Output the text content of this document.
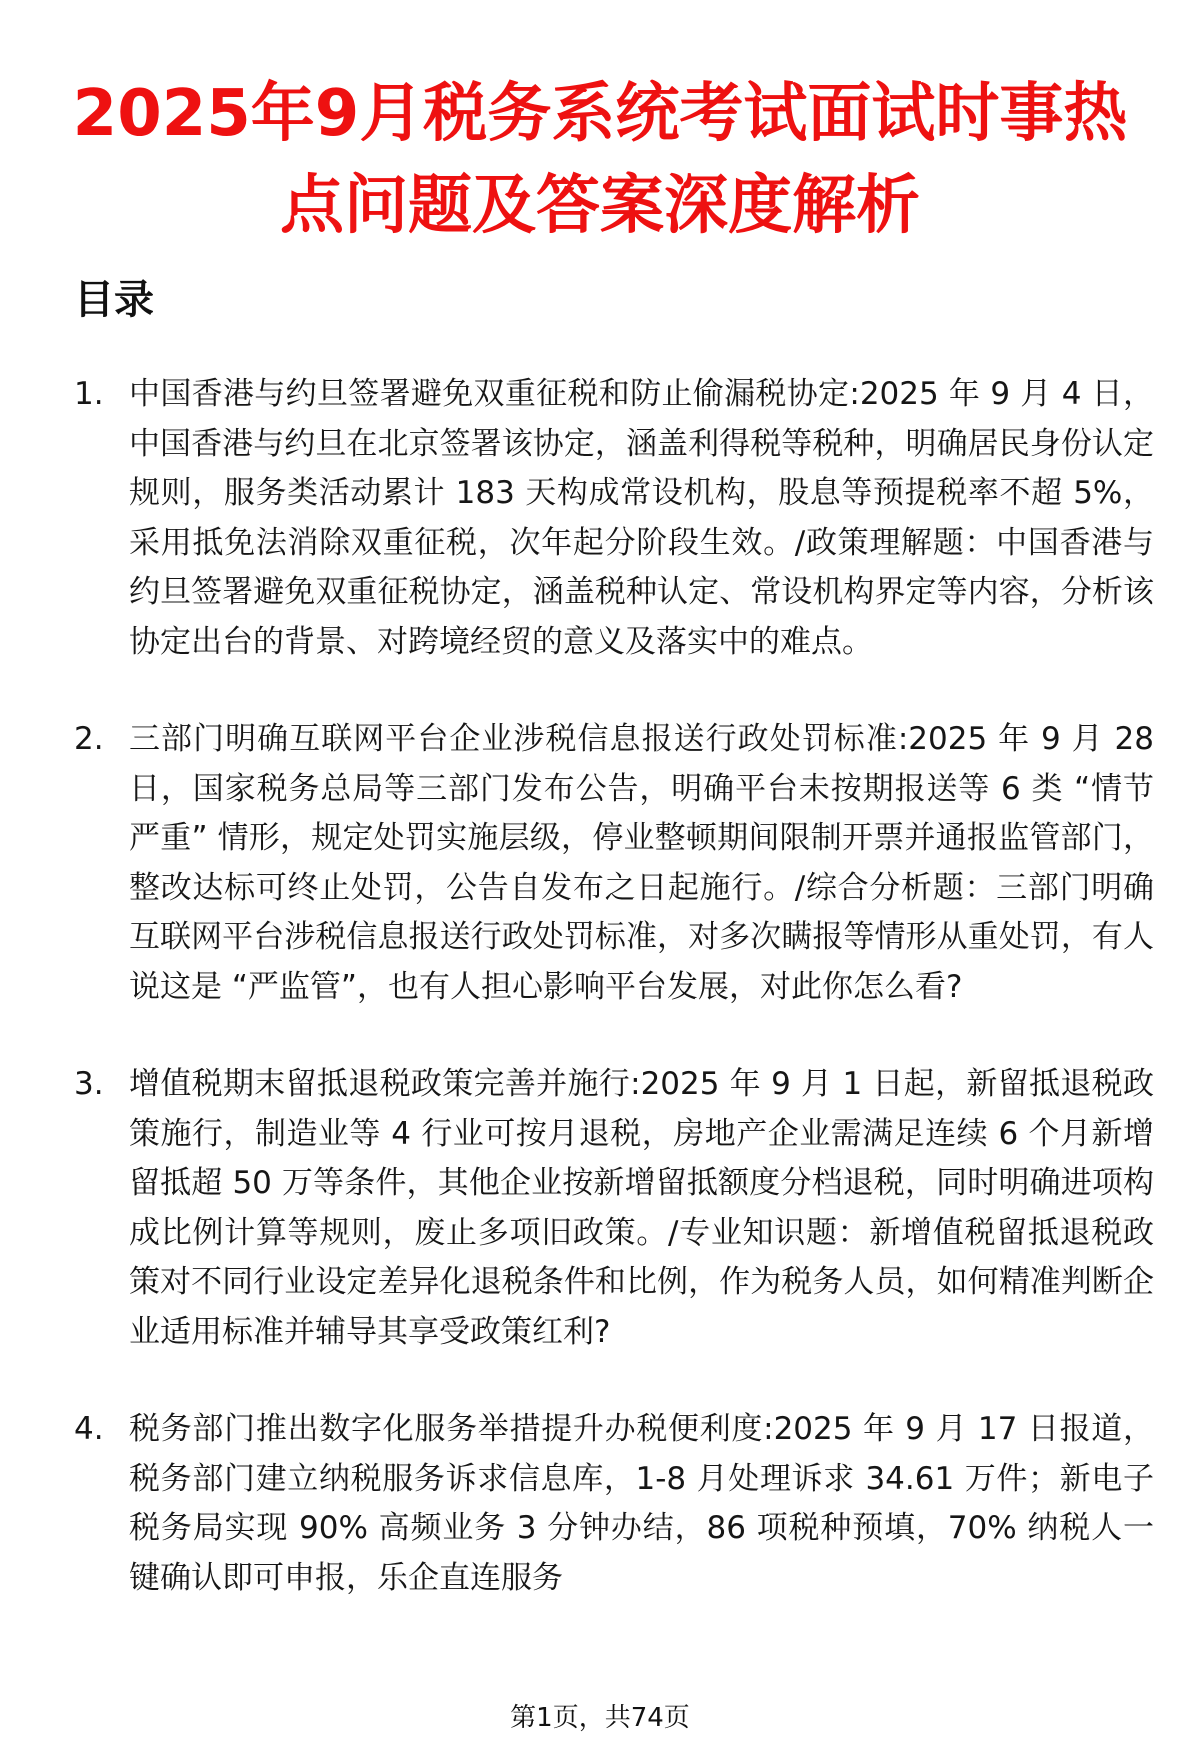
2025年9月税务系统考试面试时事热点问题及答案深度解析
目录
1. 中国香港与约旦签署避免双重征税和防止偷漏税协定:2025 年 9 月 4 日，中国香港与约旦在北京签署该协定，涵盖利得税等税种，明确居民身份认定规则，服务类活动累计 183 天构成常设机构，股息等预提税率不超 5%，采用抵免法消除双重征税，次年起分阶段生效。/政策理解题：中国香港与约旦签署避免双重征税协定，涵盖税种认定、常设机构界定等内容，分析该协定出台的背景、对跨境经贸的意义及落实中的难点。
2. 三部门明确互联网平台企业涉税信息报送行政处罚标准:2025 年 9 月 28 日，国家税务总局等三部门发布公告，明确平台未按期报送等 6 类 “情节严重” 情形，规定处罚实施层级，停业整顿期间限制开票并通报监管部门，整改达标可终止处罚，公告自发布之日起施行。/综合分析题：三部门明确互联网平台涉税信息报送行政处罚标准，对多次瞒报等情形从重处罚，有人说这是 “严监管”，也有人担心影响平台发展，对此你怎么看?
3. 增值税期末留抵退税政策完善并施行:2025 年 9 月 1 日起，新留抵退税政策施行，制造业等 4 行业可按月退税，房地产企业需满足连续 6 个月新增留抵超 50 万等条件，其他企业按新增留抵额度分档退税，同时明确进项构成比例计算等规则，废止多项旧政策。/专业知识题：新增值税留抵退税政策对不同行业设定差异化退税条件和比例，作为税务人员，如何精准判断企业适用标准并辅导其享受政策红利?
4. 税务部门推出数字化服务举措提升办税便利度:2025 年 9 月 17 日报道，税务部门建立纳税服务诉求信息库，1-8 月处理诉求 34.61 万件；新电子税务局实现 90% 高频业务 3 分钟办结，86 项税种预填，70% 纳税人一键确认即可申报，乐企直连服务
第1页，共74页
